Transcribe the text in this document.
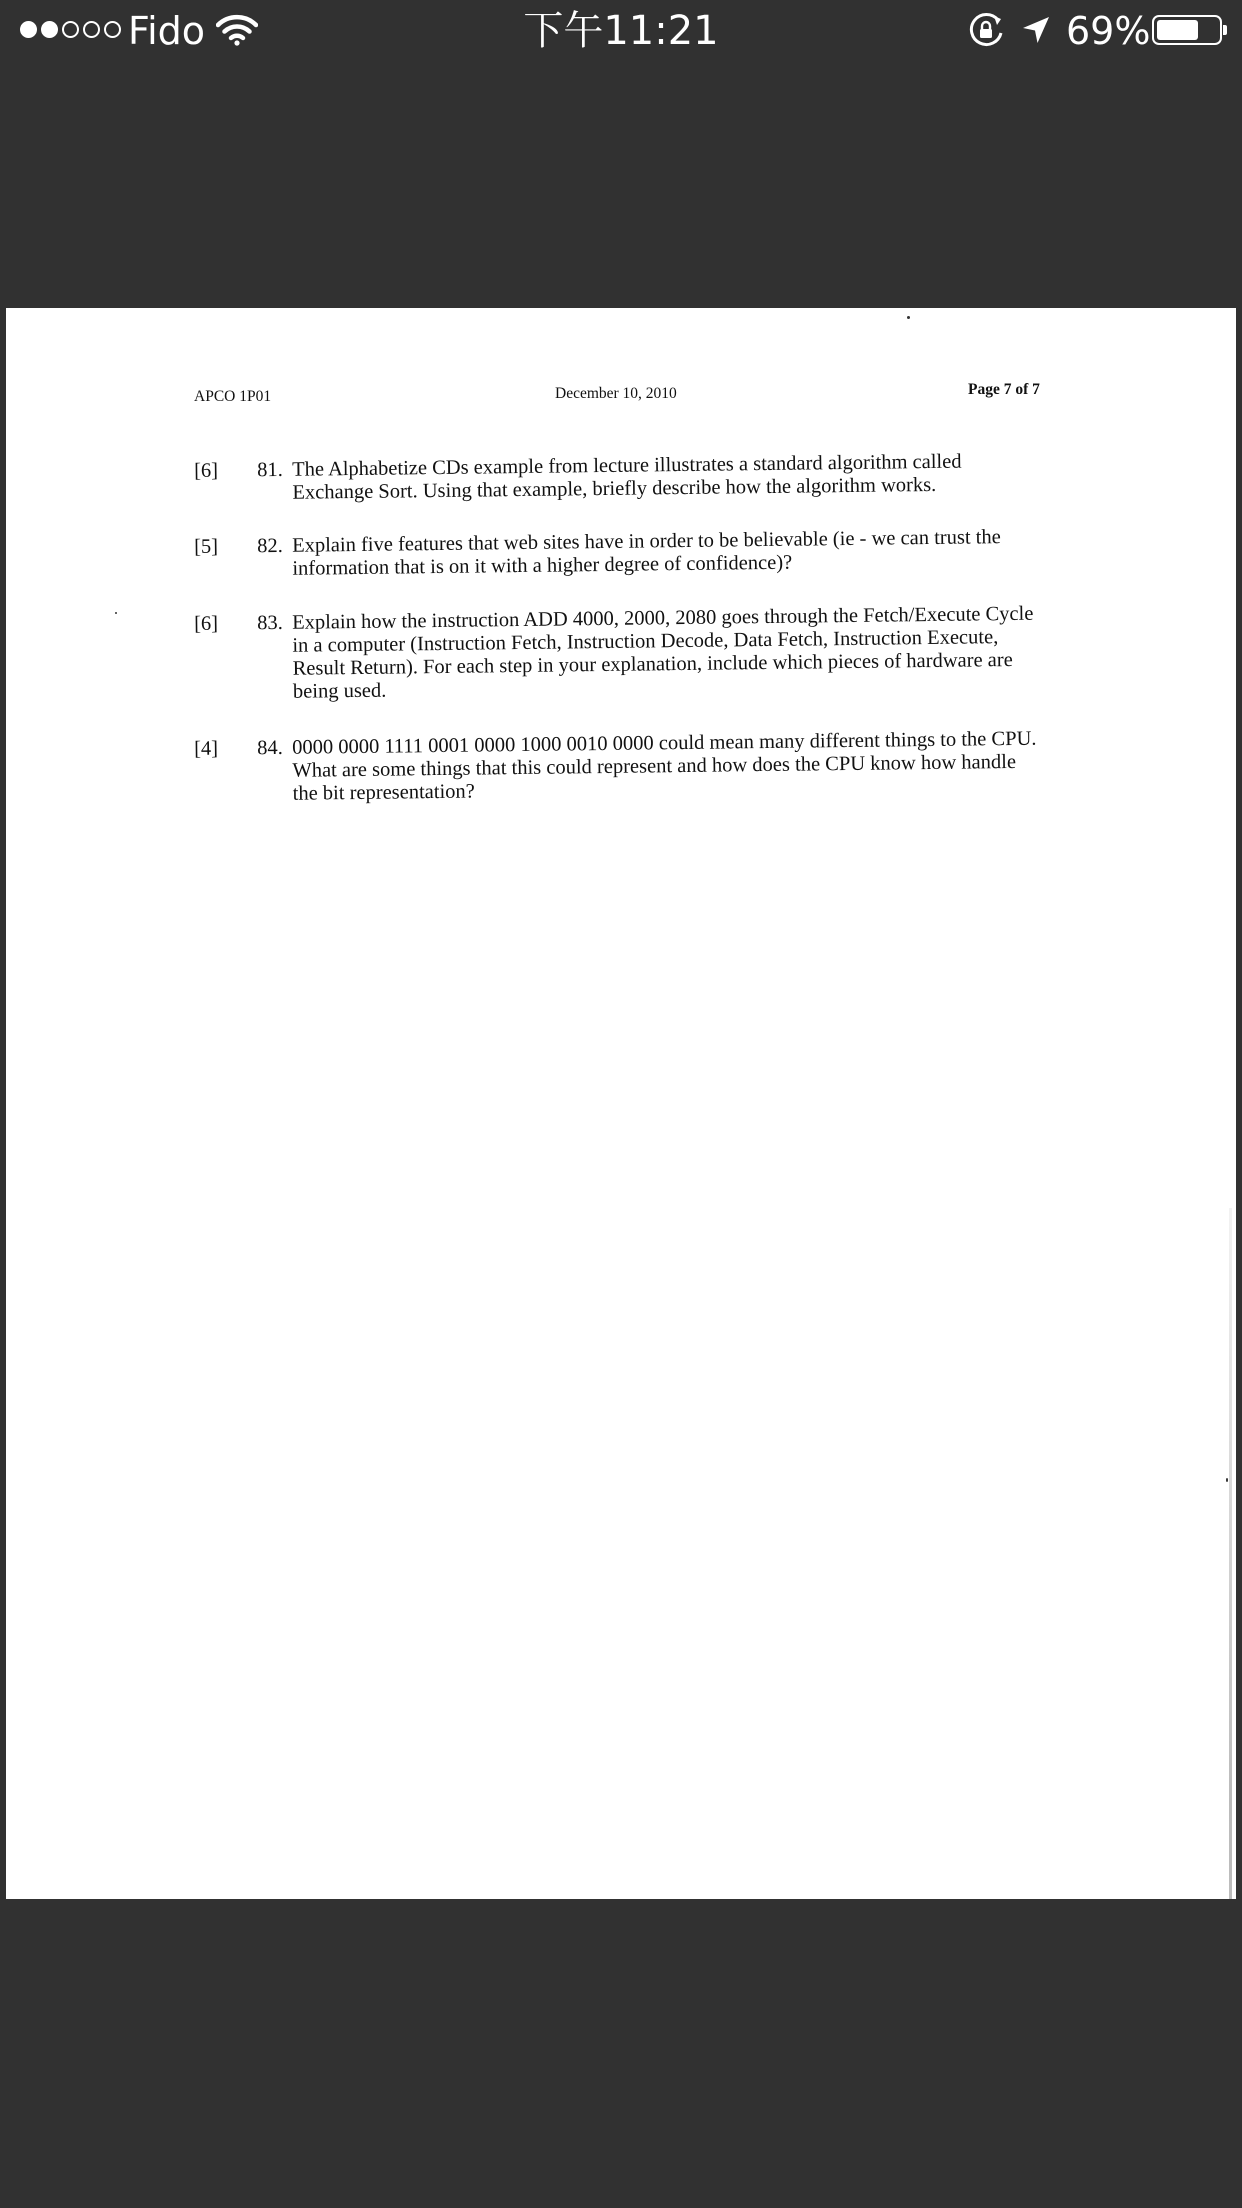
Fido	下午11:21	69%
APCO 1P01	December 10, 2010	Page 7 of 7
[6]	81. The Alphabetize CDs example from lecture illustrates a standard algorithm called Exchange Sort. Using that example, briefly describe how the algorithm works.
[5]	82. Explain five features that web sites have in order to be believable (ie - we can trust the information that is on it with a higher degree of confidence)?
[6]	83. Explain how the instruction ADD 4000, 2000, 2080 goes through the Fetch/Execute Cycle in a computer (Instruction Fetch, Instruction Decode, Data Fetch, Instruction Execute, Result Return). For each step in your explanation, include which pieces of hardware are being used.
[4]	84. 0000 0000 1111 0001 0000 1000 0010 0000 could mean many different things to the CPU. What are some things that this could represent and how does the CPU know how handle the bit representation?
